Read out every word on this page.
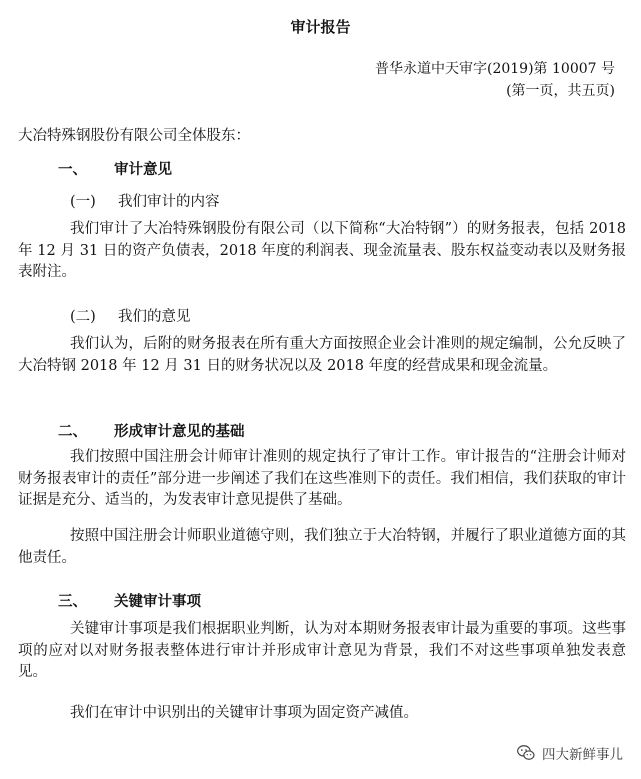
审计报告
普华永道中天审字(2019)第 10007 号
(第一页，共五页)
大冶特殊钢股份有限公司全体股东：
一、 审计意见
(一) 我们审计的内容

我们审计了大冶特殊钢股份有限公司（以下简称“大冶特钢”）的财务报表，包括 2018 年 12 月 31 日的资产负债表，2018 年度的利润表、现金流量表、股东权益变动表以及财务报表附注。

(二) 我们的意见

我们认为，后附的财务报表在所有重大方面按照企业会计准则的规定编制，公允反映了大冶特钢 2018 年 12 月 31 日的财务状况以及 2018 年度的经营成果和现金流量。

二、 形成审计意见的基础

我们按照中国注册会计师审计准则的规定执行了审计工作。审计报告的“注册会计师对财务报表审计的责任”部分进一步阐述了我们在这些准则下的责任。我们相信，我们获取的审计证据是充分、适当的，为发表审计意见提供了基础。

按照中国注册会计师职业道德守则，我们独立于大冶特钢，并履行了职业道德方面的其他责任。

三、 关键审计事项

关键审计事项是我们根据职业判断，认为对本期财务报表审计最为重要的事项。这些事项的应对以对财务报表整体进行审计并形成审计意见为背景，我们不对这些事项单独发表意见。

我们在审计中识别出的关键审计事项为固定资产减值。

四大新鲜事儿
